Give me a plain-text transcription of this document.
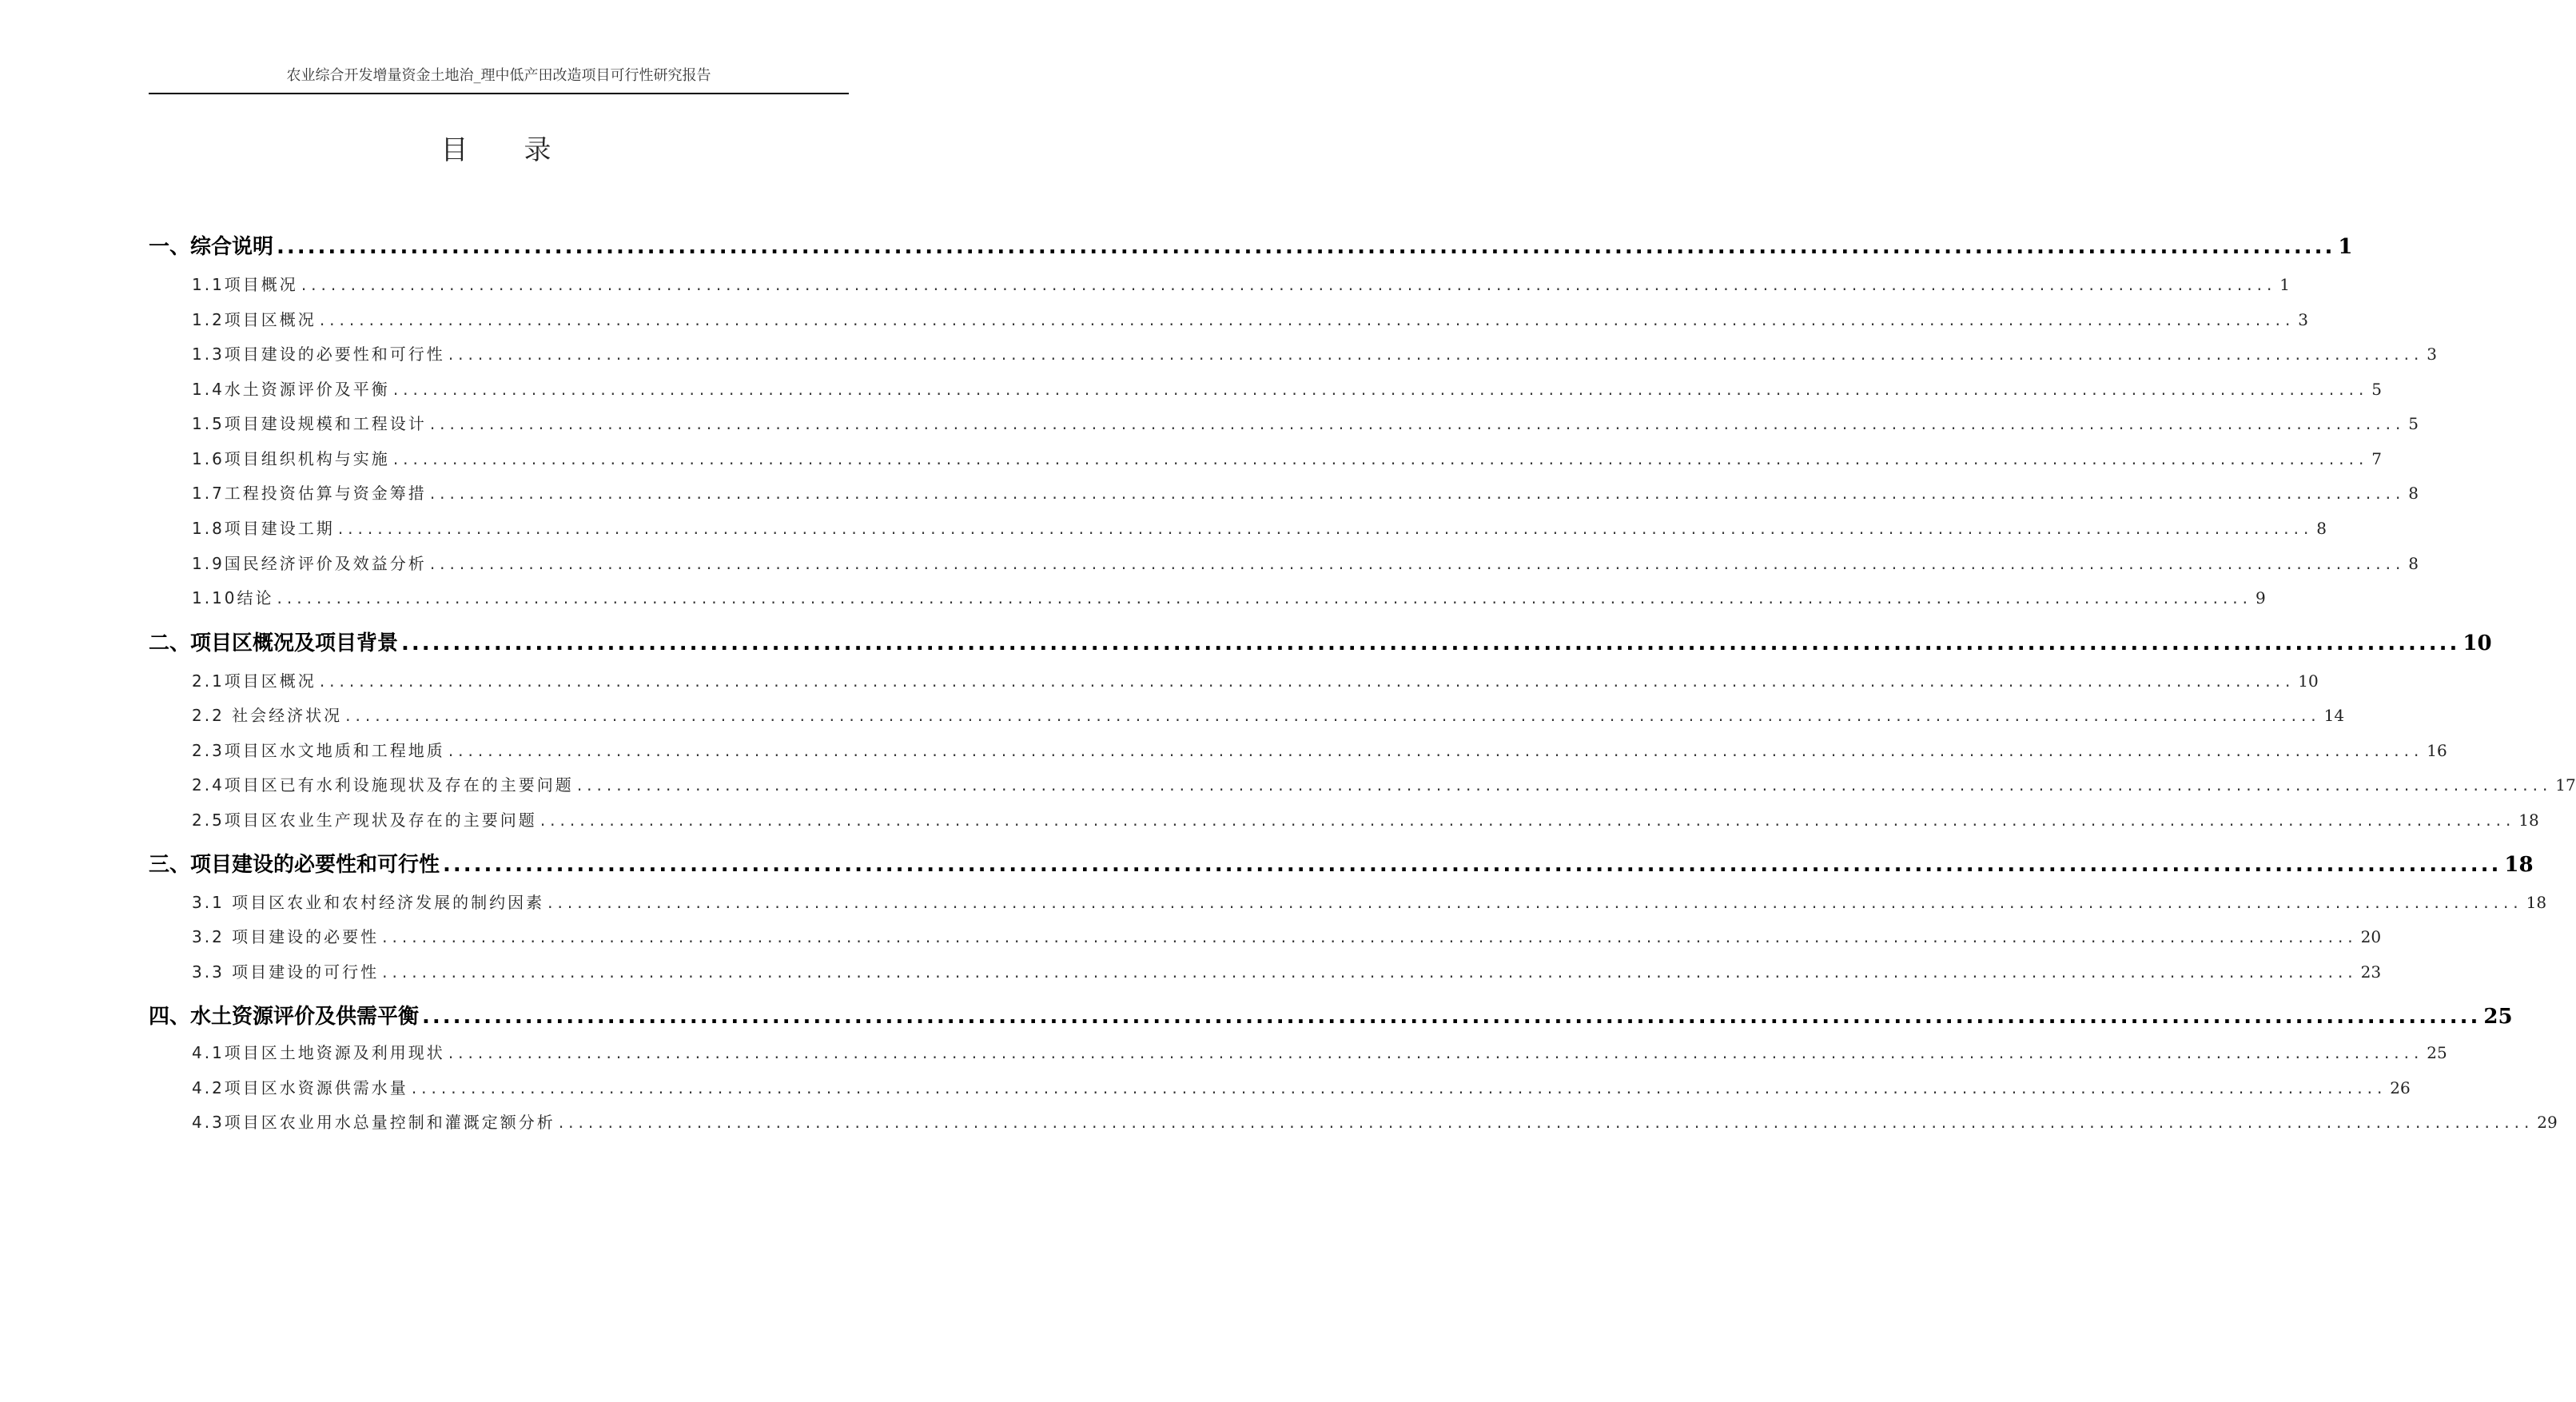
农业综合开发增量资金土地治_理中低产田改造项目可行性研究报告
目录
一、综合说明 ........................................................................................................................................................................................................ 1
1.1项目概况 ........................................................................................................................................................................................................ 1
1.2项目区概况 ........................................................................................................................................................................................................ 3
1.3项目建设的必要性和可行性 ........................................................................................................................................................................................................ 3
1.4水土资源评价及平衡 ........................................................................................................................................................................................................ 5
1.5项目建设规模和工程设计 ........................................................................................................................................................................................................ 5
1.6项目组织机构与实施 ........................................................................................................................................................................................................ 7
1.7工程投资估算与资金筹措 ........................................................................................................................................................................................................ 8
1.8项目建设工期 ........................................................................................................................................................................................................ 8
1.9国民经济评价及效益分析 ........................................................................................................................................................................................................ 8
1.10结论 ........................................................................................................................................................................................................ 9
二、项目区概况及项目背景 ........................................................................................................................................................................................................ 10
2.1项目区概况 ........................................................................................................................................................................................................ 10
2.2 社会经济状况 ........................................................................................................................................................................................................ 14
2.3项目区水文地质和工程地质 ........................................................................................................................................................................................................ 16
2.4项目区已有水利设施现状及存在的主要问题 ........................................................................................................................................................................................................ 17
2.5项目区农业生产现状及存在的主要问题 ........................................................................................................................................................................................................ 18
三、项目建设的必要性和可行性 ........................................................................................................................................................................................................ 18
3.1 项目区农业和农村经济发展的制约因素 ........................................................................................................................................................................................................ 18
3.2 项目建设的必要性 ........................................................................................................................................................................................................ 20
3.3 项目建设的可行性 ........................................................................................................................................................................................................ 23
四、水土资源评价及供需平衡 ........................................................................................................................................................................................................ 25
4.1项目区土地资源及利用现状 ........................................................................................................................................................................................................ 25
4.2项目区水资源供需水量 ........................................................................................................................................................................................................ 26
4.3项目区农业用水总量控制和灌溉定额分析 ........................................................................................................................................................................................................ 29
